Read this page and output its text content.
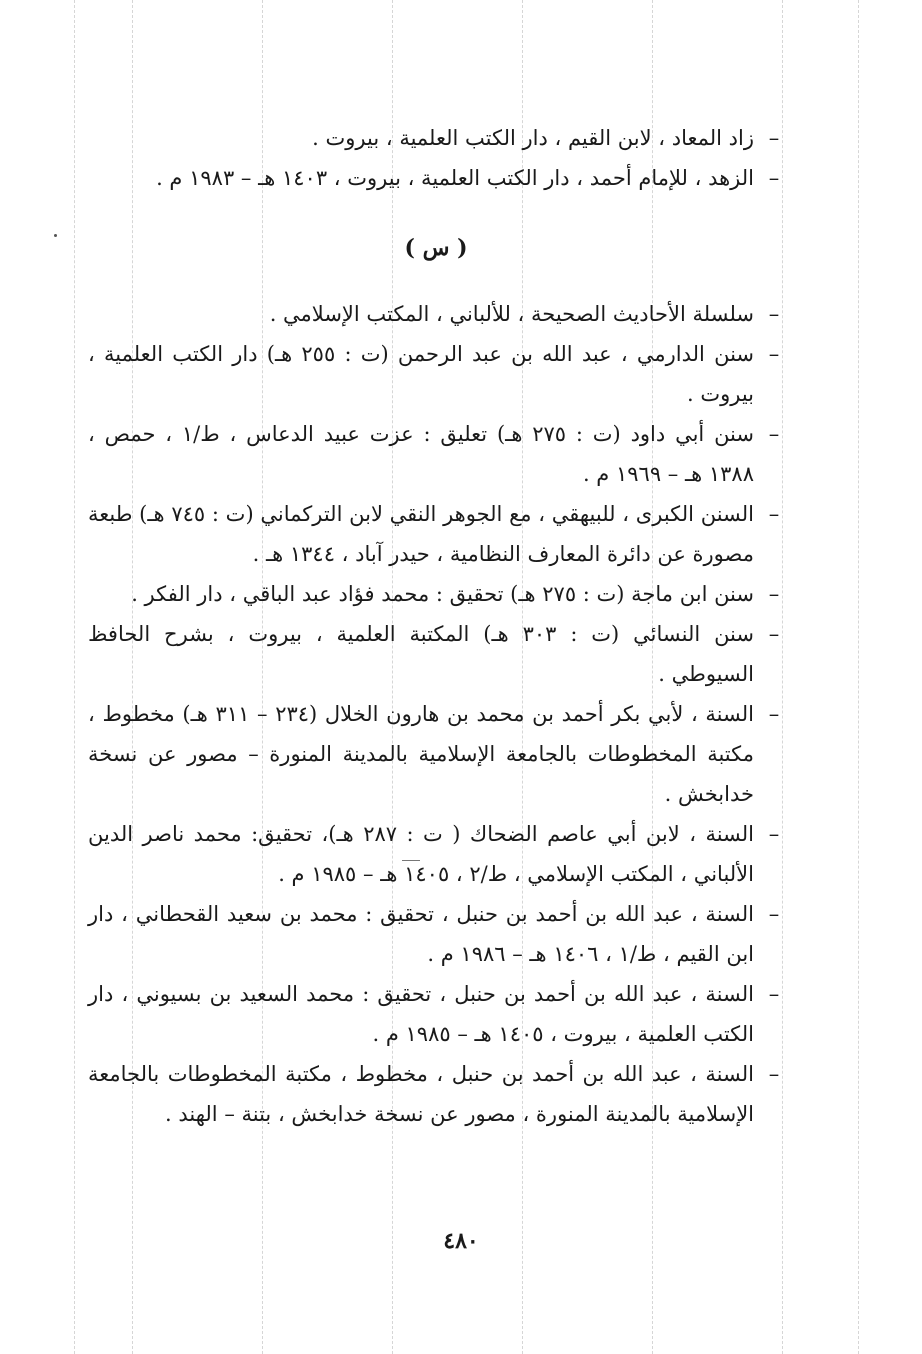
–
زاد المعاد ، لابن القيم ، دار الكتب العلمية ، بيروت .
–
الزهد ، للإمام أحمد ، دار الكتب العلمية ، بيروت ، ١٤٠٣ هـ – ١٩٨٣ م .
( س )
–
سلسلة الأحاديث الصحيحة ، للألباني ، المكتب الإسلامي .
–
سنن الدارمي ، عبد الله بن عبد الرحمن (ت : ٢٥٥ هـ) دار الكتب العلمية ، بيروت .
–
سنن أبي داود (ت : ٢٧٥ هـ) تعليق : عزت عبيد الدعاس ، ط/١ ، حمص ، ١٣٨٨ هـ – ١٩٦٩ م .
–
السنن الكبرى ، للبيهقي ، مع الجوهر النقي لابن التركماني (ت : ٧٤٥ هـ) طبعة مصورة عن دائرة المعارف النظامية ، حيدر آباد ، ١٣٤٤ هـ .
–
سنن ابن ماجة (ت : ٢٧٥ هـ) تحقيق : محمد فؤاد عبد الباقي ، دار الفكر .
–
سنن النسائي (ت : ٣٠٣ هـ) المكتبة العلمية ، بيروت ، بشرح الحافظ السيوطي .
–
السنة ، لأبي بكر أحمد بن محمد بن هارون الخلال (٢٣٤ – ٣١١ هـ) مخطوط ، مكتبة المخطوطات بالجامعة الإسلامية بالمدينة المنورة – مصور عن نسخة خدابخش .
–
السنة ، لابن أبي عاصم الضحاك ( ت : ٢٨٧ هـ)، تحقيق: محمد ناصر الدين الألباني ، المكتب الإسلامي ، ط/٢ ، ١٤٠٥ هـ – ١٩٨٥ م .
–
السنة ، عبد الله بن أحمد بن حنبل ، تحقيق : محمد بن سعيد القحطاني ، دار ابن القيم ، ط/١ ، ١٤٠٦ هـ – ١٩٨٦ م .
–
السنة ، عبد الله بن أحمد بن حنبل ، تحقيق : محمد السعيد بن بسيوني ، دار الكتب العلمية ، بيروت ، ١٤٠٥ هـ – ١٩٨٥ م .
–
السنة ، عبد الله بن أحمد بن حنبل ، مخطوط ، مكتبة المخطوطات بالجامعة الإسلامية بالمدينة المنورة ، مصور عن نسخة خدابخش ، بتنة – الهند .
٤٨٠
